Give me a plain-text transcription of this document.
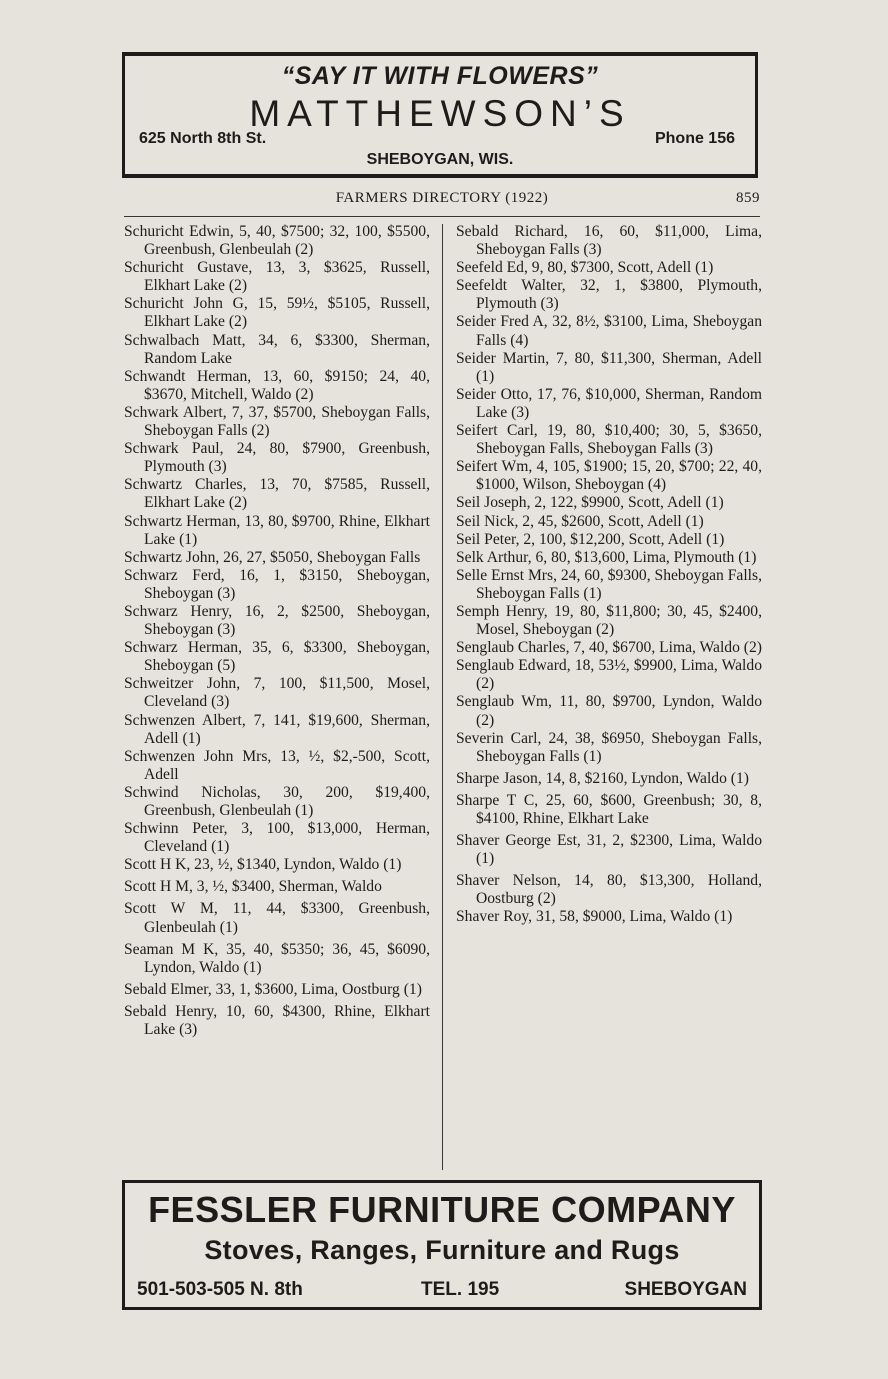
“SAY IT WITH FLOWERS”
MATTHEWSON’S
625 North 8th St.	Phone 156
SHEBOYGAN, WIS.
FARMERS DIRECTORY (1922)	859
Schuricht Edwin, 5, 40, $7500; 32, 100, $5500, Greenbush, Glenbeulah (2)
Schuricht Gustave, 13, 3, $3625, Russell, Elkhart Lake (2)
Schuricht John G, 15, 59½, $5105, Russell, Elkhart Lake (2)
Schwalbach Matt, 34, 6, $3300, Sherman, Random Lake
Schwandt Herman, 13, 60, $9150; 24, 40, $3670, Mitchell, Waldo (2)
Schwark Albert, 7, 37, $5700, Sheboygan Falls, Sheboygan Falls (2)
Schwark Paul, 24, 80, $7900, Greenbush, Plymouth (3)
Schwartz Charles, 13, 70, $7585, Russell, Elkhart Lake (2)
Schwartz Herman, 13, 80, $9700, Rhine, Elkhart Lake (1)
Schwartz John, 26, 27, $5050, Sheboygan Falls
Schwarz Ferd, 16, 1, $3150, Sheboygan, Sheboygan (3)
Schwarz Henry, 16, 2, $2500, Sheboygan, Sheboygan (3)
Schwarz Herman, 35, 6, $3300, Sheboygan, Sheboygan (5)
Schweitzer John, 7, 100, $11,500, Mosel, Cleveland (3)
Schwenzen Albert, 7, 141, $19,600, Sherman, Adell (1)
Schwenzen John Mrs, 13, ½, $2,-500, Scott, Adell
Schwind Nicholas, 30, 200, $19,400, Greenbush, Glenbeulah (1)
Schwinn Peter, 3, 100, $13,000, Herman, Cleveland (1)
Scott H K, 23, ½, $1340, Lyndon, Waldo (1)
Scott H M, 3, ½, $3400, Sherman, Waldo
Scott W M, 11, 44, $3300, Greenbush, Glenbeulah (1)
Seaman M K, 35, 40, $5350; 36, 45, $6090, Lyndon, Waldo (1)
Sebald Elmer, 33, 1, $3600, Lima, Oostburg (1)
Sebald Henry, 10, 60, $4300, Rhine, Elkhart Lake (3)
Sebald Richard, 16, 60, $11,000, Lima, Sheboygan Falls (3)
Seefeld Ed, 9, 80, $7300, Scott, Adell (1)
Seefeldt Walter, 32, 1, $3800, Plymouth, Plymouth (3)
Seider Fred A, 32, 8½, $3100, Lima, Sheboygan Falls (4)
Seider Martin, 7, 80, $11,300, Sherman, Adell (1)
Seider Otto, 17, 76, $10,000, Sherman, Random Lake (3)
Seifert Carl, 19, 80, $10,400; 30, 5, $3650, Sheboygan Falls, Sheboygan Falls (3)
Seifert Wm, 4, 105, $1900; 15, 20, $700; 22, 40, $1000, Wilson, Sheboygan (4)
Seil Joseph, 2, 122, $9900, Scott, Adell (1)
Seil Nick, 2, 45, $2600, Scott, Adell (1)
Seil Peter, 2, 100, $12,200, Scott, Adell (1)
Selk Arthur, 6, 80, $13,600, Lima, Plymouth (1)
Selle Ernst Mrs, 24, 60, $9300, Sheboygan Falls, Sheboygan Falls (1)
Semph Henry, 19, 80, $11,800; 30, 45, $2400, Mosel, Sheboygan (2)
Senglaub Charles, 7, 40, $6700, Lima, Waldo (2)
Senglaub Edward, 18, 53½, $9900, Lima, Waldo (2)
Senglaub Wm, 11, 80, $9700, Lyndon, Waldo (2)
Severin Carl, 24, 38, $6950, Sheboygan Falls, Sheboygan Falls (1)
Sharpe Jason, 14, 8, $2160, Lyndon, Waldo (1)
Sharpe T C, 25, 60, $600, Greenbush; 30, 8, $4100, Rhine, Elkhart Lake
Shaver George Est, 31, 2, $2300, Lima, Waldo (1)
Shaver Nelson, 14, 80, $13,300, Holland, Oostburg (2)
Shaver Roy, 31, 58, $9000, Lima, Waldo (1)
FESSLER FURNITURE COMPANY
Stoves, Ranges, Furniture and Rugs
501-503-505 N. 8th	TEL. 195	SHEBOYGAN
